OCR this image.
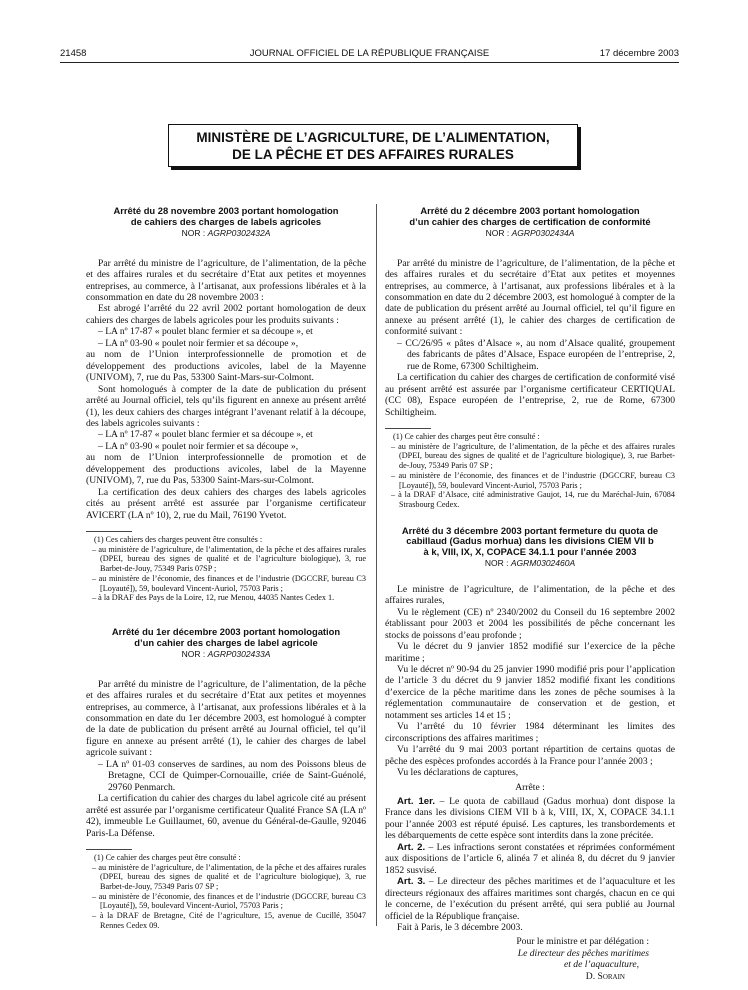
21458	JOURNAL OFFICIEL DE LA RÉPUBLIQUE FRANÇAISE	17 décembre 2003
MINISTÈRE DE L’AGRICULTURE, DE L’ALIMENTATION,
DE LA PÊCHE ET DES AFFAIRES RURALES
Arrêté du 28 novembre 2003 portant homologation
de cahiers des charges de labels agricoles
NOR : AGRP0302432A

Par arrêté du ministre de l’agriculture, de l’alimentation, de la pêche et des affaires rurales et du secrétaire d’Etat aux petites et moyennes entreprises, au commerce, à l’artisanat, aux professions libérales et à la consommation en date du 28 novembre 2003 :

Est abrogé l’arrêté du 22 avril 2002 portant homologation de deux cahiers des charges de labels agricoles pour les produits suivants :

– LA nº 17-87 « poulet blanc fermier et sa découpe », et

– LA nº 03-90 « poulet noir fermier et sa découpe »,

au nom de l’Union interprofessionnelle de promotion et de développement des productions avicoles, label de la Mayenne (UNIVOM), 7, rue du Pas, 53300 Saint-Mars-sur-Colmont.

Sont homologués à compter de la date de publication du présent arrêté au Journal officiel, tels qu’ils figurent en annexe au présent arrêté (1), les deux cahiers des charges intégrant l’avenant relatif à la découpe, des labels agricoles suivants :

– LA nº 17-87 « poulet blanc fermier et sa découpe », et

– LA nº 03-90 « poulet noir fermier et sa découpe »,

au nom de l’Union interprofessionnelle de promotion et de développement des productions avicoles, label de la Mayenne (UNIVOM), 7, rue du Pas, 53300 Saint-Mars-sur-Colmont.

La certification des deux cahiers des charges des labels agricoles cités au présent arrêté est assurée par l’organisme certificateur AVICERT (LA nº 10), 2, rue du Mail, 76190 Yvetot.

(1) Ces cahiers des charges peuvent être consultés :

– au ministère de l’agriculture, de l’alimentation, de la pêche et des affaires rurales (DPEI, bureau des signes de qualité et de l’agriculture biologique), 3, rue Barbet-de-Jouy, 75349 Paris 07SP ;

– au ministère de l’économie, des finances et de l’industrie (DGCCRF, bureau C3 [Loyauté]), 59, boulevard Vincent-Auriol, 75703 Paris ;

– à la DRAF des Pays de la Loire, 12, rue Menou, 44035 Nantes Cedex 1.

Arrêté du 1er décembre 2003 portant homologation
d’un cahier des charges de label agricole
NOR : AGRP0302433A

Par arrêté du ministre de l’agriculture, de l’alimentation, de la pêche et des affaires rurales et du secrétaire d’Etat aux petites et moyennes entreprises, au commerce, à l’artisanat, aux professions libérales et à la consommation en date du 1er décembre 2003, est homologué à compter de la date de publication du présent arrêté au Journal officiel, tel qu’il figure en annexe au présent arrêté (1), le cahier des charges de label agricole suivant :

– LA nº 01-03 conserves de sardines, au nom des Poissons bleus de Bretagne, CCI de Quimper-Cornouaille, criée de Saint-Guénolé, 29760 Penmarch.

La certification du cahier des charges du label agricole cité au présent arrêté est assurée par l’organisme certificateur Qualité France SA (LA nº 42), immeuble Le Guillaumet, 60, avenue du Général-de-Gaulle, 92046 Paris-La Défense.

(1) Ce cahier des charges peut être consulté :

– au ministère de l’agriculture, de l’alimentation, de la pêche et des affaires rurales (DPEI, bureau des signes de qualité et de l’agriculture biologique), 3, rue Barbet-de-Jouy, 75349 Paris 07 SP ;

– au ministère de l’économie, des finances et de l’industrie (DGCCRF, bureau C3 [Loyauté]), 59, boulevard Vincent-Auriol, 75703 Paris ;

– à la DRAF de Bretagne, Cité de l’agriculture, 15, avenue de Cucillé, 35047 Rennes Cedex 09.

Arrêté du 2 décembre 2003 portant homologation
d’un cahier des charges de certification de conformité
NOR : AGRP0302434A

Par arrêté du ministre de l’agriculture, de l’alimentation, de la pêche et des affaires rurales et du secrétaire d’Etat aux petites et moyennes entreprises, au commerce, à l’artisanat, aux professions libérales et à la consommation en date du 2 décembre 2003, est homologué à compter de la date de publication du présent arrêté au Journal officiel, tel qu’il figure en annexe au présent arrêté (1), le cahier des charges de certification de conformité suivant :

– CC/26/95 « pâtes d’Alsace », au nom d’Alsace qualité, groupement des fabricants de pâtes d’Alsace, Espace européen de l’entreprise, 2, rue de Rome, 67300 Schiltigheim.

La certification du cahier des charges de certification de conformité visé au présent arrêté est assurée par l’organisme certificateur CERTIQUAL (CC 08), Espace européen de l’entreprise, 2, rue de Rome, 67300 Schiltigheim.

(1) Ce cahier des charges peut être consulté :

– au ministère de l’agriculture, de l’alimentation, de la pêche et des affaires rurales (DPEI, bureau des signes de qualité et de l’agriculture biologique), 3, rue Barbet-de-Jouy, 75349 Paris 07 SP ;

– au ministère de l’économie, des finances et de l’industrie (DGCCRF, bureau C3 [Loyauté]), 59, boulevard Vincent-Auriol, 75703 Paris ;

– à la DRAF d’Alsace, cité administrative Gaujot, 14, rue du Maréchal-Juin, 67084 Strasbourg Cedex.

Arrêté du 3 décembre 2003 portant fermeture du quota de
cabillaud (Gadus morhua) dans les divisions CIEM VII b
à k, VIII, IX, X, COPACE 34.1.1 pour l’année 2003
NOR : AGRM0302460A

Le ministre de l’agriculture, de l’alimentation, de la pêche et des affaires rurales,

Vu le règlement (CE) nº 2340/2002 du Conseil du 16 septembre 2002 établissant pour 2003 et 2004 les possibilités de pêche concernant les stocks de poissons d’eau profonde ;

Vu le décret du 9 janvier 1852 modifié sur l’exercice de la pêche maritime ;

Vu le décret nº 90-94 du 25 janvier 1990 modifié pris pour l’application de l’article 3 du décret du 9 janvier 1852 modifié fixant les conditions d’exercice de la pêche maritime dans les zones de pêche soumises à la réglementation communautaire de conservation et de gestion, et notamment ses articles 14 et 15 ;

Vu l’arrêté du 10 février 1984 déterminant les limites des circonscriptions des affaires maritimes ;

Vu l’arrêté du 9 mai 2003 portant répartition de certains quotas de pêche des espèces profondes accordés à la France pour l’année 2003 ;

Vu les déclarations de captures,

Arrête :

Art. 1er. – Le quota de cabillaud (Gadus morhua) dont dispose la France dans les divisions CIEM VII b à k, VIII, IX, X, COPACE 34.1.1 pour l’année 2003 est réputé épuisé. Les captures, les transbordements et les débarquements de cette espèce sont interdits dans la zone précitée.

Art. 2. – Les infractions seront constatées et réprimées conformément aux dispositions de l’article 6, alinéa 7 et alinéa 8, du décret du 9 janvier 1852 susvisé.

Art. 3. – Le directeur des pêches maritimes et de l’aquaculture et les directeurs régionaux des affaires maritimes sont chargés, chacun en ce qui le concerne, de l’exécution du présent arrêté, qui sera publié au Journal officiel de la République française.

Fait à Paris, le 3 décembre 2003.

Pour le ministre et par délégation :

Le directeur des pêches maritimes

et de l’aquaculture,

D. Sorain
